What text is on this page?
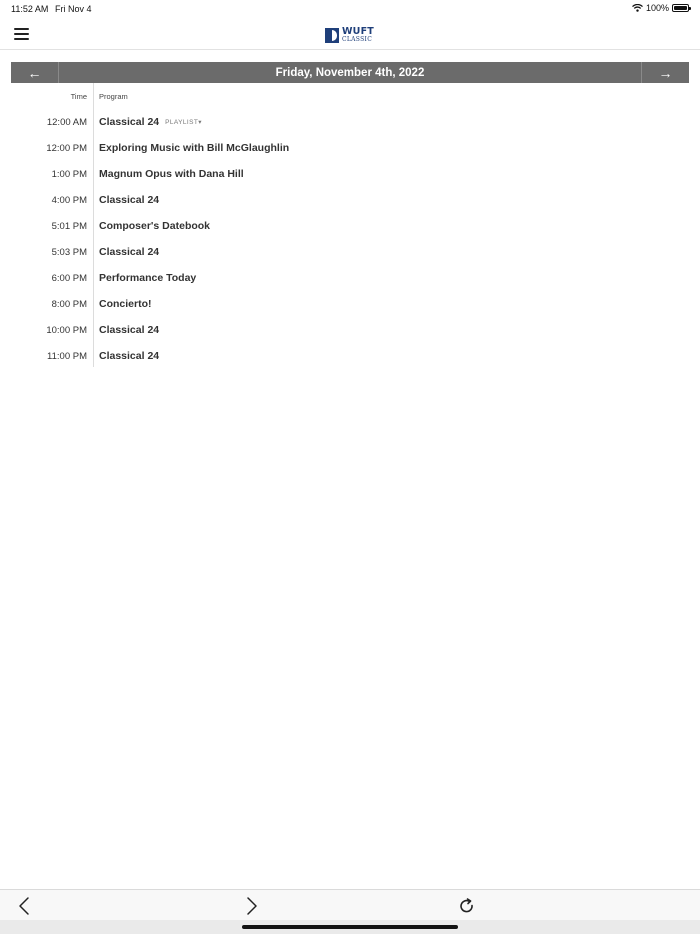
11:52 AM Fri Nov 4	100%
WUFT
CLASSIC
←	Friday, November 4th, 2022	→
Time Program
12:00 AM Classical 24 PLAYLIST▾
12:00 PM Exploring Music with Bill McGlaughlin
1:00 PM Magnum Opus with Dana Hill
4:00 PM Classical 24
5:01 PM Composer's Datebook
5:03 PM Classical 24
6:00 PM Performance Today
8:00 PM Concierto!
10:00 PM Classical 24
11:00 PM Classical 24
